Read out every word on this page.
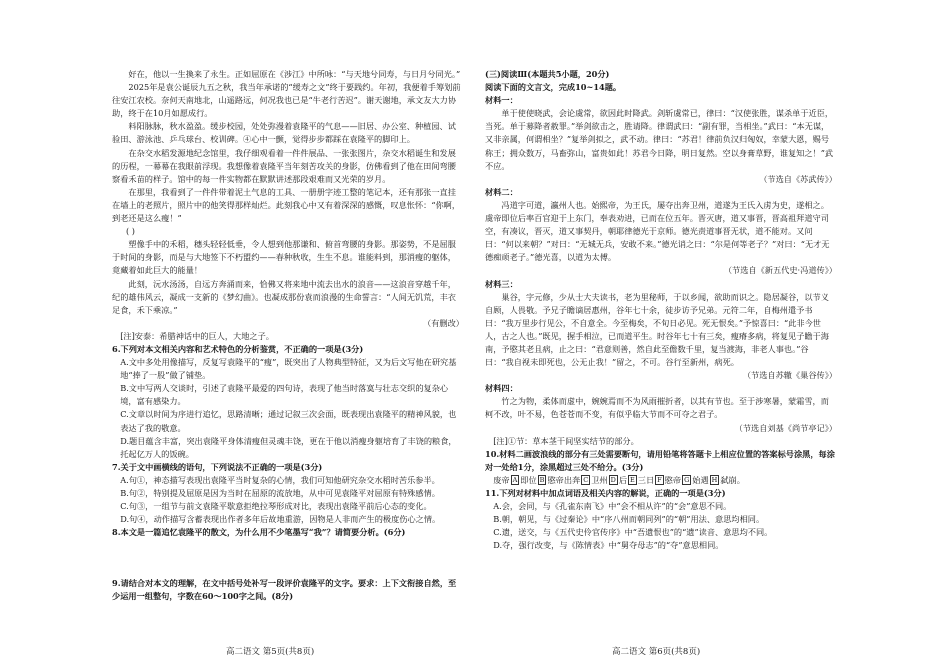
好在，他以一生換来了永生。正如屈原在《涉江》中所咏：“与天地兮同寿，与日月兮同光。”

2025年是袁公诞辰九五之秋，我当年承诺的“缓寿之文”终于要践约。年初，我便着手筹划前往安江农校。奈何天南地北，山遥路远，何况我也已是“牛老行苦迟”。谢天谢地，承文友大力协助，终于在10月如愿成行。

料阳脉脉，秋水盈盈。缓步校园，处处弥漫着袁隆平的气息——旧居、办公室、种植园、试验田、游泳池、乒乓球台、校训碑。④心中一颤，觉得步步都踩在袁隆平的脚印上。

在杂交水稻发源地纪念馆里，我仔细观看着一件件展品、一张张图片，杂交水稻诞生和发展的历程，一幕幕在我眼前浮现。我想像着袁隆平当年刻苦攻关的身影，仿佛看到了他在田间弯腰察看禾苗的样子。馆中的每一件实物都在默默讲述那段艰难而又光荣的岁月。

在那里，我看到了一件件带着泥土气息的工具、一册册字迹工整的笔记本，还有那张一直挂在墙上的老照片，照片中的他笑得那样灿烂。此刻我心中又有着深深的感慨，叹息怅怀：“你啊，到老还是这么瘦！”

( )

塑像手中的禾稻，穗头轻轻低垂，令人想到他那谦和、俯首弯腰的身影。那姿势，不是屈服于时间的身影，而是与大地签下不朽盟约——春种秋收，生生不息。谁能料到，那消瘦的躯体，竟藏着如此巨大的能量！

此刻，沅水汤汤，自远方奔涌而来，恰佛又将来地中流去出水的浪音——这浪音穿越千年，纪的雄伟风云，凝成一支新的《梦幻曲》。也凝成那份袁而浪漫的生命誓言：“人间无饥荒，丰衣足食，禾下乘凉。”

（有删改）

[注]安泰：希腊神话中的巨人，大地之子。

6.下列对本文相关内容和艺术特色的分析鉴赏，不正确的一项是(3分)

A.文中多处用像描写，反复写袁隆平的“瘦”，既突出了人物典型特征，又为后文写他在研究基地“捧了一股”做了铺垫。

B.文中写两人交谈时，引述了袁隆平最爱的四句诗，表现了他当时落寞与壮志交织的复杂心境，富有感染力。

C.文章以时间为序进行追忆，思路清晰；通过记叙三次会面，既表现出袁隆平的精神风貌，也表达了我的敬意。

D.题目蕴含丰富，突出袁隆平身体清瘦但灵魂丰饶，更在于他以消瘦身躯培育了丰饶的粮食，托起亿万人的饭碗。

7.关于文中画横线的语句，下列说法不正确的一项是(3分)

A.句①，神态描写表现出袁隆平当时复杂的心情，我们可知他研究杂交水稻时苦乐参半。

B.句②，特别提及屈原是因为当时在屈原的流放地，从中可见袁隆平对屈原有特殊感情。

C.句③，一组节与前文袁隆平歇意拒绝拉琴形成对比，表现出袁隆平前后心态的变化。

D.句④，动作描写含蓄表现出作者多年后故地重游，因物是人非而产生的极度伤心之情。

8.本文是一篇追忆袁隆平的散文，为什么用不少笔墨写“我”？请简要分析。(6分)

9.请结合对本文的理解，在文中括号处补写一段评价袁隆平的文字。要求：上下文衔接自然，至少运用一组整句，字数在60～100字之间。(8分)

(三)阅读Ⅲ(本题共5小题，20分)

阅读下面的文言文，完成10~14题。

材料一：

单于使使晓武，会论虞常，欲因此时降武。剑斩虞常已，律曰：“汉使张胜，谋杀单于近臣，当死。单于募降者赦罪。”举剑欲击之，胜请降。律谓武曰：“副有罪，当相坐。”武曰：“本无谋，又非亲属，何谓相坐？”复举剑拟之，武不动。律曰：“苏君！律前负汉归匈奴，幸蒙大恩，赐号称王；拥众数万，马畜弥山，富贵如此！苏君今日降，明日复然。空以身膏草野，谁复知之！”武不应。

（节选自《苏武传》）

材料二：

冯道字可道，瀛州人也。始熙帝，为王氏，屡夺出奔卫州，道遂为王氏入虏为史，遂相之。虞帝即位后率百官迎于上东门，奉表劝进，已而在位五年。晋灭唐，道又事晋，晋高祖拜道守司空，有凑议，晋灭，道又事契丹，朝耶律德光于京师。德光责道事晋无状，道不能对。又问曰：“何以来朝？”对曰：“无城无兵，安敢不来。”德光诮之曰：“尔是何等老子？”对曰：“无才无德痴顽老子。”德光喜，以道为太傅。

（节选自《新五代史·冯道传》）

材料三：

巢谷，字元修，少从士大夫读书，老为里秘师，于以乡闻，欲助而识之。隐居凝谷，以节义自顾，人畏敬。予兄子瞻谪居惠州，谷年七十余，徒步访予兄弟。元符二年，自梅州遣予书曰：“我万里步行见公，不自意全。今至梅矣，不旬日必见。死无恨矣。”予惊喜曰：“此非今世人，古之人也。”既见，握手相泣，已而道平生。时谷年七十有三矣，瘦瘠多病，将复见子瞻于海南，予愍其老且病，止之曰：“君意则善，然自此至儋数千里，复当渡海，非老人事也。”谷曰：“我自视未即死也，公无止我！”留之，不可。谷行至新州，病死。

（节选自苏辙《巢谷传》）

材料四：

竹之为物，柔体而虚中，婉婉焉而不为风雨摧折者，以其有节也。至于涉寒暑，蒙霜雪，而柯不改，叶不易，色苍苍而不变，有似乎临大节而不可夺之君子。

（节选自刘基《尚节亭记》）

[注]①节：草本茎干间坚实结节的部分。

10.材料二画波浪线的部分有三处需要断句，请用铅笔将答题卡上相应位置的答案标号涂黑，每涂对一处给1分，涂黑超过三处不给分。(3分)

废帝 A 即位 B 愍帝出奔 C 卫州 D 后 E 三日 F 愍帝 G 始遇 H 弑崩。

11.下列对材料中加点词语及相关内容的解说，正确的一项是(3分)

A.会，会同，与《孔雀东南飞》中“会不相从许”的“会”意思不同。

B.朝，朝见，与《过秦论》中“序八州而朝同列”的“朝”用法、意思均相同。

C.遗，送交，与《五代史伶官传序》中“吾遗恨也”的“遗”读音、意思均不同。

D.夺，强行改变，与《陈情表》中“舅夺母志”的“夺”意思相同。

高二语文 第5页(共8页)	高二语文 第6页(共8页)
